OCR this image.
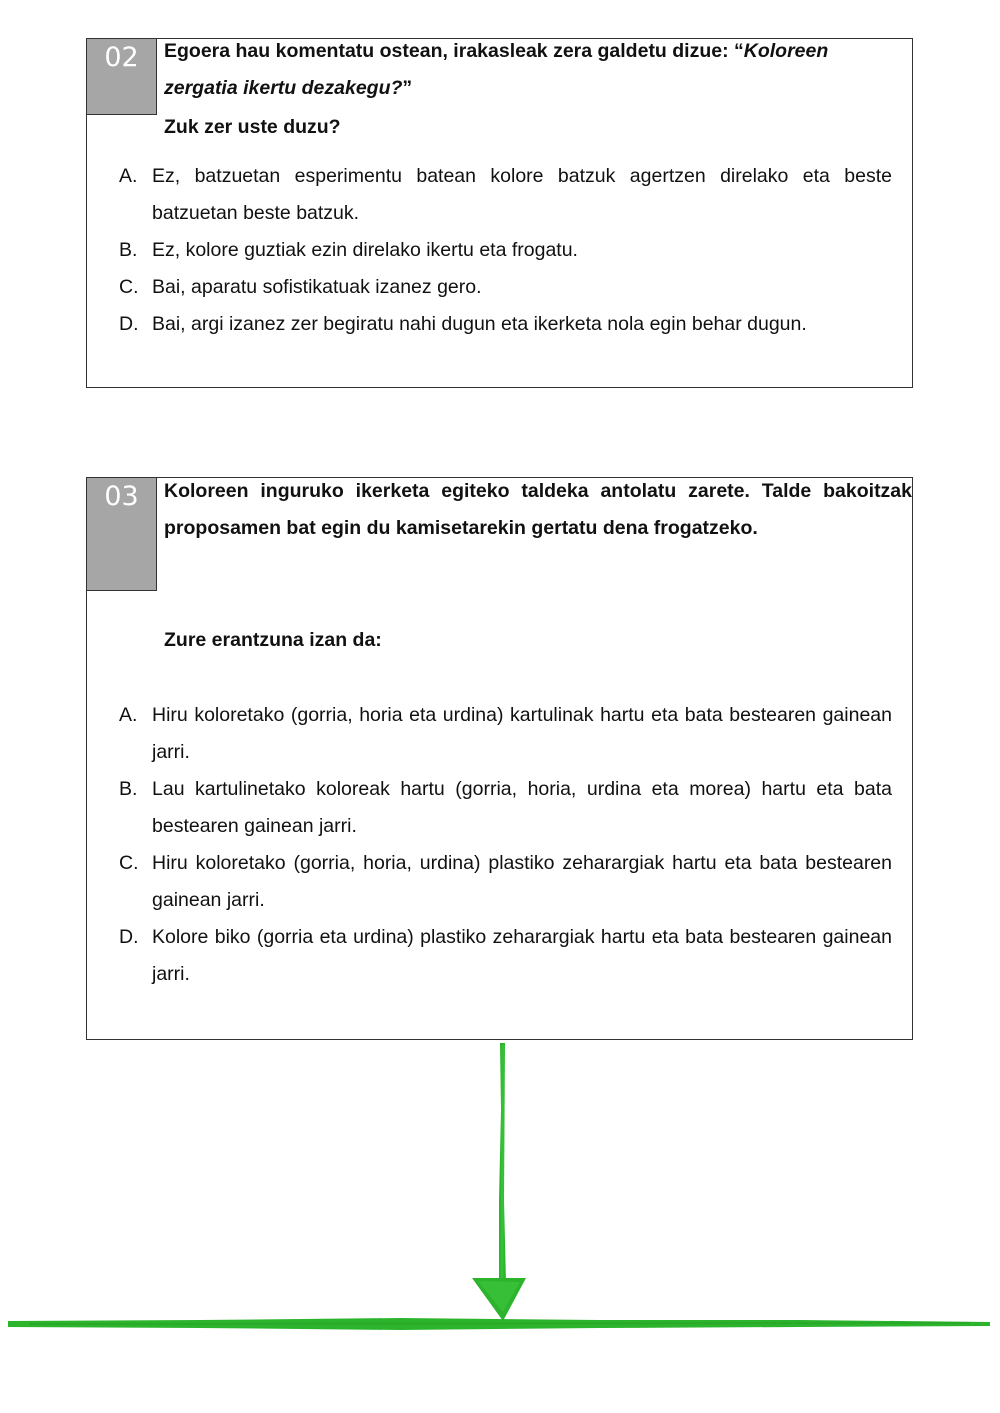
02	Egoera hau komentatu ostean, irakasleak zera galdetu dizue: “Koloreen zergatia ikertu dezakegu?”
Zuk zer uste duzu?
A. Ez, batzuetan esperimentu batean kolore batzuk agertzen direlako eta beste batzuetan beste batzuk.
B. Ez, kolore guztiak ezin direlako ikertu eta frogatu.
C. Bai, aparatu sofistikatuak izanez gero.
D. Bai, argi izanez zer begiratu nahi dugun eta ikerketa nola egin behar dugun.
03	Koloreen inguruko ikerketa egiteko taldeka antolatu zarete. Talde bakoitzak proposamen bat egin du kamisetarekin gertatu dena frogatzeko.
Zure erantzuna izan da:
A. Hiru koloretako (gorria, horia eta urdina) kartulinak hartu eta bata bestearen gainean jarri.
B. Lau kartulinetako koloreak hartu (gorria, horia, urdina eta morea) hartu eta bata bestearen gainean jarri.
C. Hiru koloretako (gorria, horia, urdina) plastiko zeharargiak hartu eta bata bestearen gainean jarri.
D. Kolore biko (gorria eta urdina) plastiko zeharargiak hartu eta bata bestearen gainean jarri.
